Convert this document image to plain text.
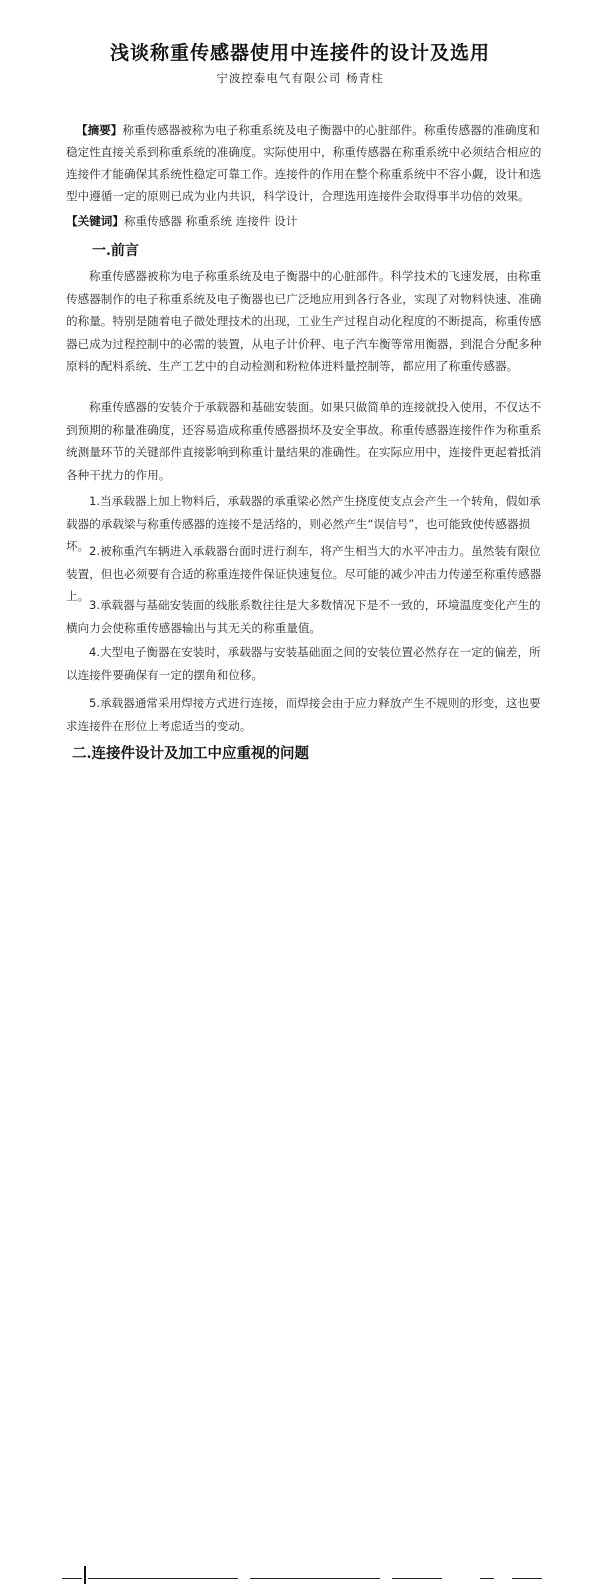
浅谈称重传感器使用中连接件的设计及选用
宁波控泰电气有限公司 杨青柱
【摘要】称重传感器被称为电子称重系统及电子衡器中的心脏部件。称重传感器的准确度和稳定性直接关系到称重系统的准确度。实际使用中，称重传感器在称重系统中必须结合相应的连接件才能确保其系统性稳定可靠工作。连接件的作用在整个称重系统中不容小觑，设计和选型中遵循一定的原则已成为业内共识，科学设计，合理选用连接件会取得事半功倍的效果。
【关键词】称重传感器 称重系统 连接件 设计
一.前言
称重传感器被称为电子称重系统及电子衡器中的心脏部件。科学技术的飞速发展，由称重传感器制作的电子称重系统及电子衡器也已广泛地应用到各行各业，实现了对物料快速、准确的称量。特别是随着电子微处理技术的出现，工业生产过程自动化程度的不断提高，称重传感器已成为过程控制中的必需的装置，从电子计价秤、电子汽车衡等常用衡器，到混合分配多种原料的配料系统、生产工艺中的自动检测和粉粒体进料量控制等，都应用了称重传感器。
称重传感器的安装介于承载器和基础安装面。如果只做简单的连接就投入使用，不仅达不到预期的称量准确度，还容易造成称重传感器损坏及安全事故。称重传感器连接件作为称重系统测量环节的关键部件直接影响到称重计量结果的准确性。在实际应用中，连接件更起着抵消各种干扰力的作用。
1.当承载器上加上物料后，承载器的承重梁必然产生挠度使支点会产生一个转角，假如承载器的承载梁与称重传感器的连接不是活络的，则必然产生“误信号”，也可能致使传感器损坏。 2.被称重汽车辆进入承载器台面时进行刹车，将产生相当大的水平冲击力。虽然装有限位装置，但也必须要有合适的称重连接件保证快速复位。尽可能的减少冲击力传递至称重传感器上。
3.承载器与基础安装面的线胀系数往往是大多数情况下是不一致的，环境温度变化产生的横向力会使称重传感器输出与其无关的称重量值。
4.大型电子衡器在安装时，承载器与安装基础面之间的安装位置必然存在一定的偏差，所以连接件要确保有一定的摆角和位移。
5.承载器通常采用焊接方式进行连接，而焊接会由于应力释放产生不规则的形变，这也要求连接件在形位上考虑适当的变动。
二.连接件设计及加工中应重视的问题
